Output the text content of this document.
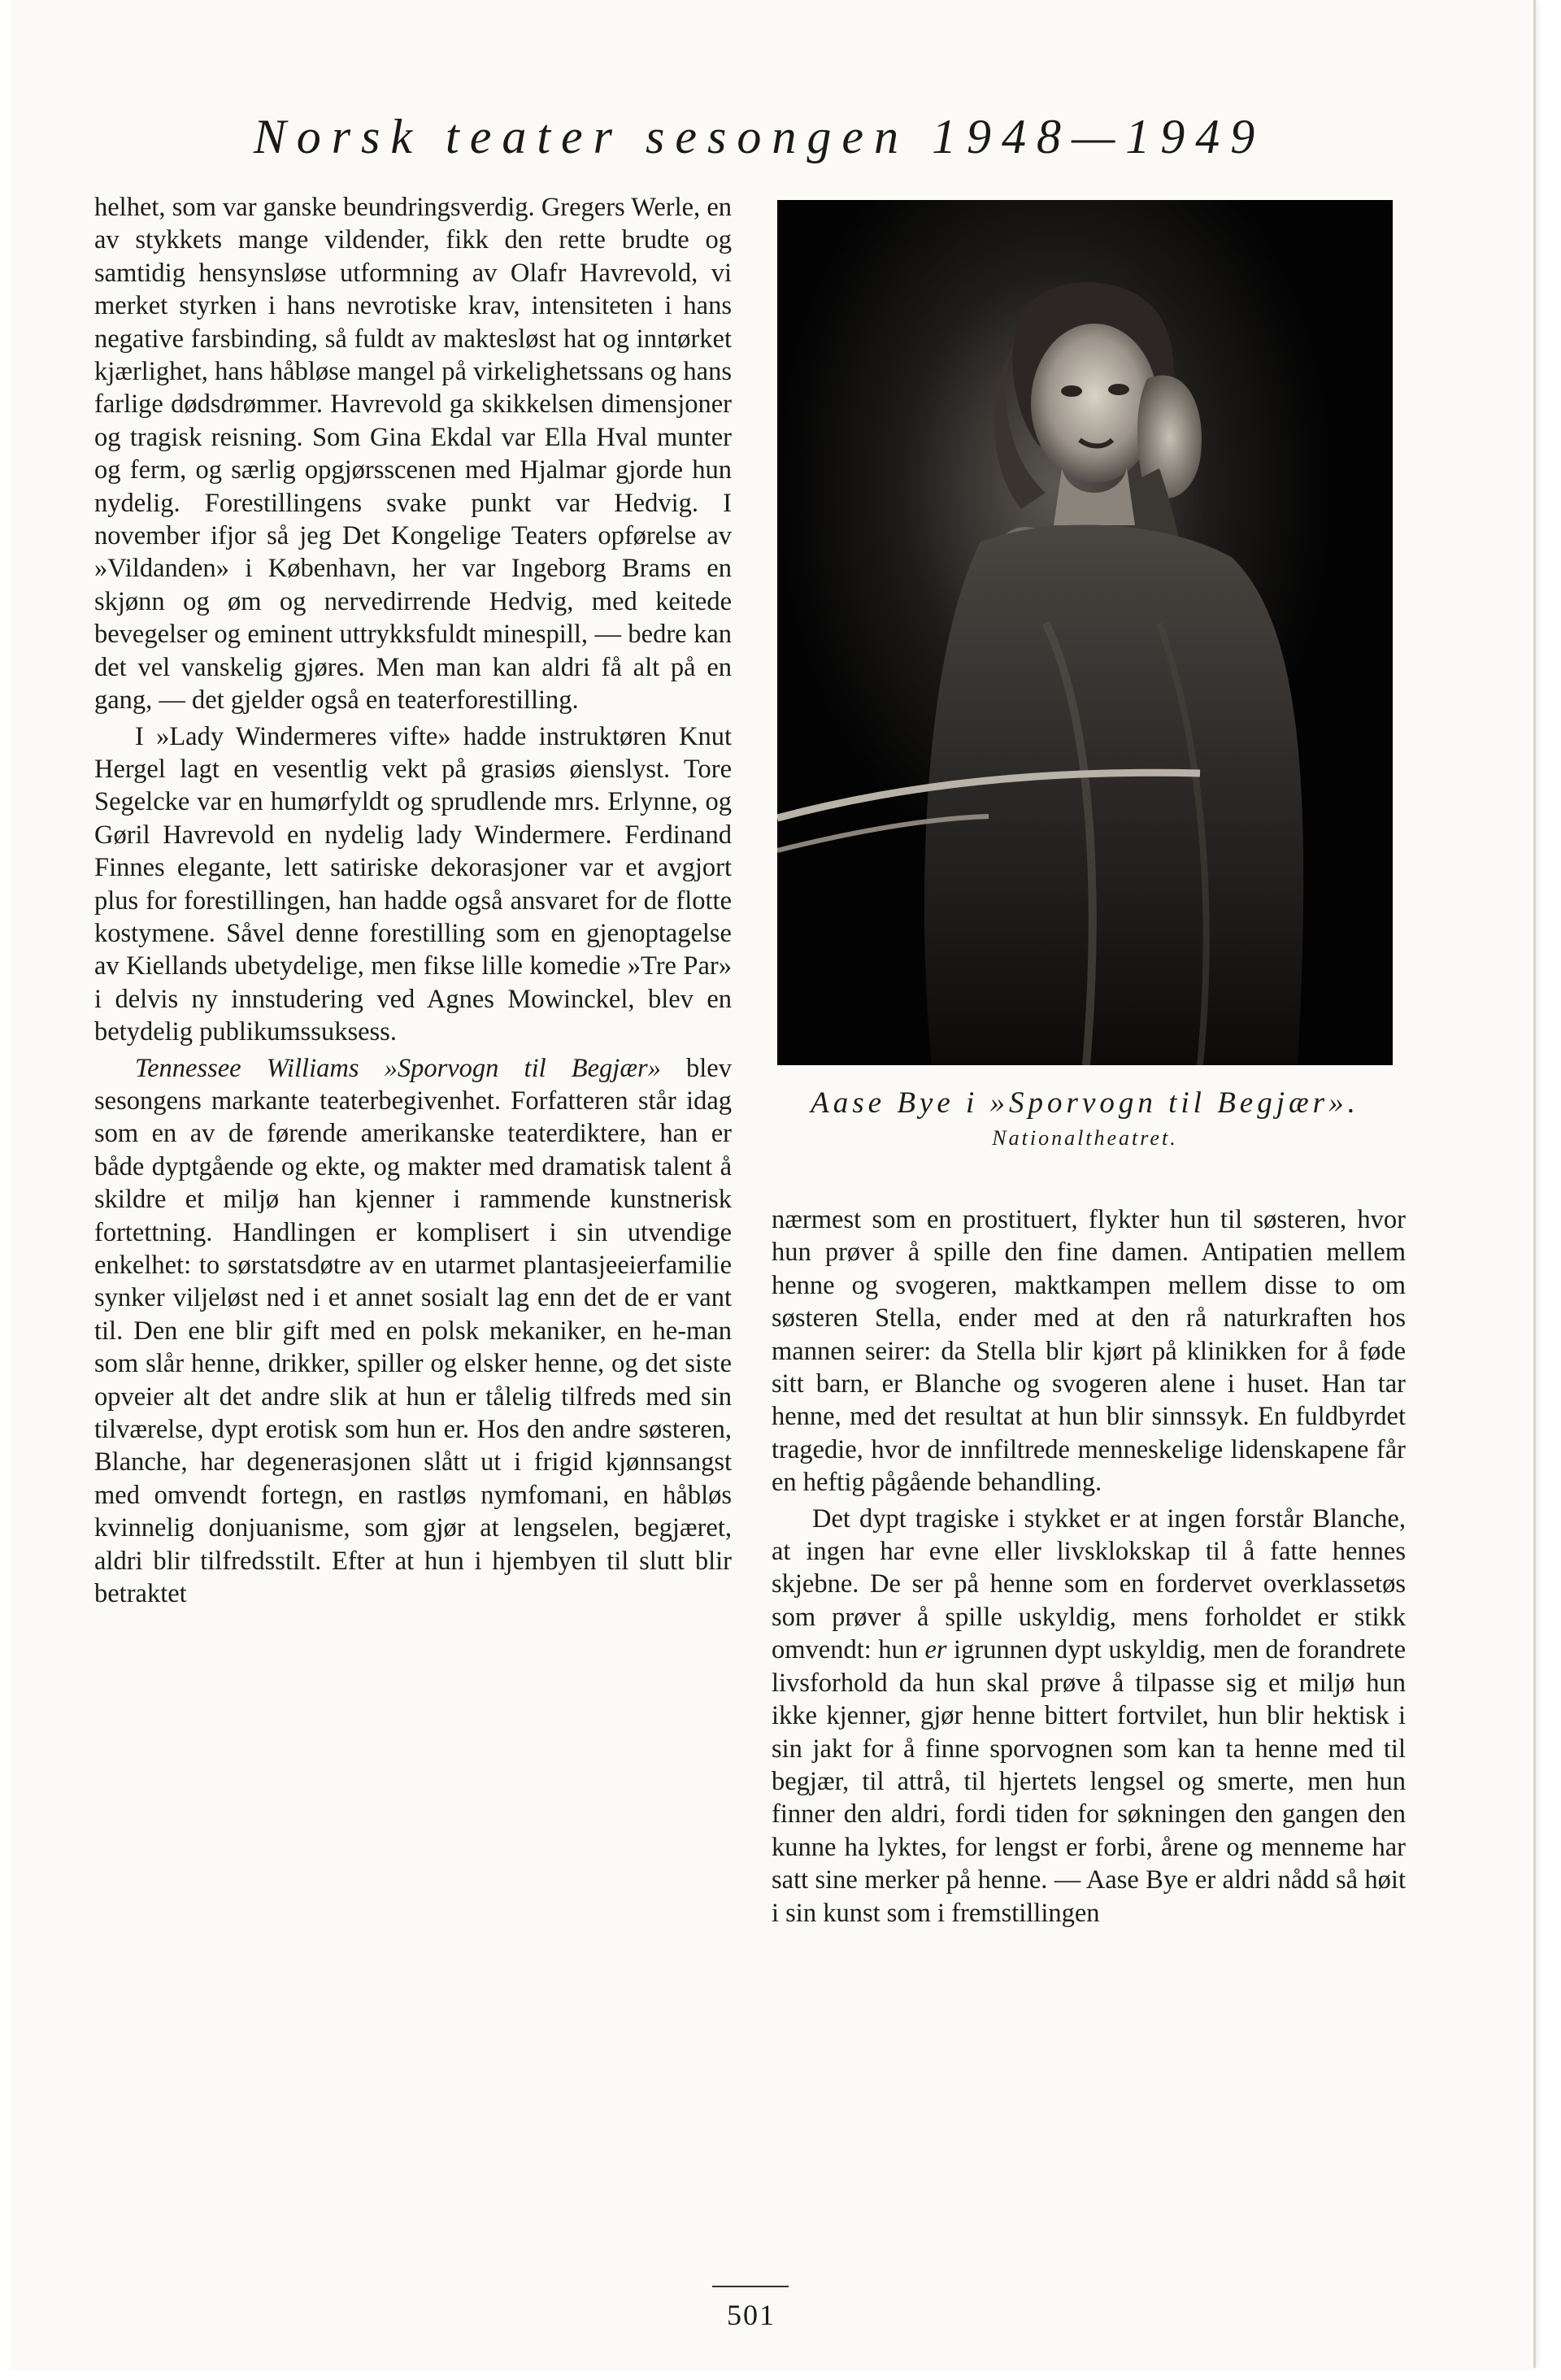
Norsk teater sesongen 1948—1949

helhet, som var ganske beundringsverdig. Gregers Werle, en av stykkets mange vildender, fikk den rette brudte og samtidig hensynsløse utformning av Olafr Havrevold, vi merket styrken i hans nevrotiske krav, intensiteten i hans negative farsbinding, så fuldt av maktesløst hat og inntørket kjærlighet, hans håbløse mangel på virkelighetssans og hans farlige dødsdrømmer. Havrevold ga skikkelsen dimensjoner og tragisk reisning. Som Gina Ekdal var Ella Hval munter og ferm, og særlig opgjørsscenen med Hjalmar gjorde hun nydelig. Forestillingens svake punkt var Hedvig. I november ifjor så jeg Det Kongelige Teaters opførelse av »Vildanden» i København, her var Ingeborg Brams en skjønn og øm og nervedirrende Hedvig, med keitede bevegelser og eminent uttrykksfuldt minespill, — bedre kan det vel vanskelig gjøres. Men man kan aldri få alt på en gang, — det gjelder også en teaterforestilling.

I »Lady Windermeres vifte» hadde instruktøren Knut Hergel lagt en vesentlig vekt på grasiøs øienslyst. Tore Segelcke var en humørfyldt og sprudlende mrs. Erlynne, og Gøril Havrevold en nydelig lady Windermere. Ferdinand Finnes elegante, lett satiriske dekorasjoner var et avgjort plus for forestillingen, han hadde også ansvaret for de flotte kostymene. Såvel denne forestilling som en gjenoptagelse av Kiellands ubetydelige, men fikse lille komedie »Tre Par» i delvis ny innstudering ved Agnes Mowinckel, blev en betydelig publikumssuksess.

Tennessee Williams »Sporvogn til Begjær» blev sesongens markante teaterbegivenhet. Forfatteren står idag som en av de førende amerikanske teaterdiktere, han er både dyptgående og ekte, og makter med dramatisk talent å skildre et miljø han kjenner i rammende kunstnerisk fortettning. Handlingen er komplisert i sin utvendige enkelhet: to sørstatsdøtre av en utarmet plantasjeeierfamilie synker viljeløst ned i et annet sosialt lag enn det de er vant til. Den ene blir gift med en polsk mekaniker, en he-man som slår henne, drikker, spiller og elsker henne, og det siste opveier alt det andre slik at hun er tålelig tilfreds med sin tilværelse, dypt erotisk som hun er. Hos den andre søsteren, Blanche, har degenerasjonen slått ut i frigid kjønnsangst med omvendt fortegn, en rastløs nymfomani, en håbløs kvinnelig donjuanisme, som gjør at lengselen, begjæret, aldri blir tilfredsstilt. Efter at hun i hjembyen til slutt blir betraktet

Aase Bye i »Sporvogn til Begjær».
Nationaltheatret.

nærmest som en prostituert, flykter hun til søsteren, hvor hun prøver å spille den fine damen. Antipatien mellem henne og svogeren, maktkampen mellem disse to om søsteren Stella, ender med at den rå naturkraften hos mannen seirer: da Stella blir kjørt på klinikken for å føde sitt barn, er Blanche og svogeren alene i huset. Han tar henne, med det resultat at hun blir sinnssyk. En fuldbyrdet tragedie, hvor de innfiltrede menneskelige lidenskapene får en heftig pågående behandling.

Det dypt tragiske i stykket er at ingen forstår Blanche, at ingen har evne eller livsklokskap til å fatte hennes skjebne. De ser på henne som en fordervet overklassetøs som prøver å spille uskyldig, mens forholdet er stikk omvendt: hun er igrunnen dypt uskyldig, men de forandrete livsforhold da hun skal prøve å tilpasse sig et miljø hun ikke kjenner, gjør henne bittert fortvilet, hun blir hektisk i sin jakt for å finne sporvognen som kan ta henne med til begjær, til attrå, til hjertets lengsel og smerte, men hun finner den aldri, fordi tiden for søkningen den gangen den kunne ha lyktes, for lengst er forbi, årene og menneme har satt sine merker på henne. — Aase Bye er aldri nådd så høit i sin kunst som i fremstillingen

501
